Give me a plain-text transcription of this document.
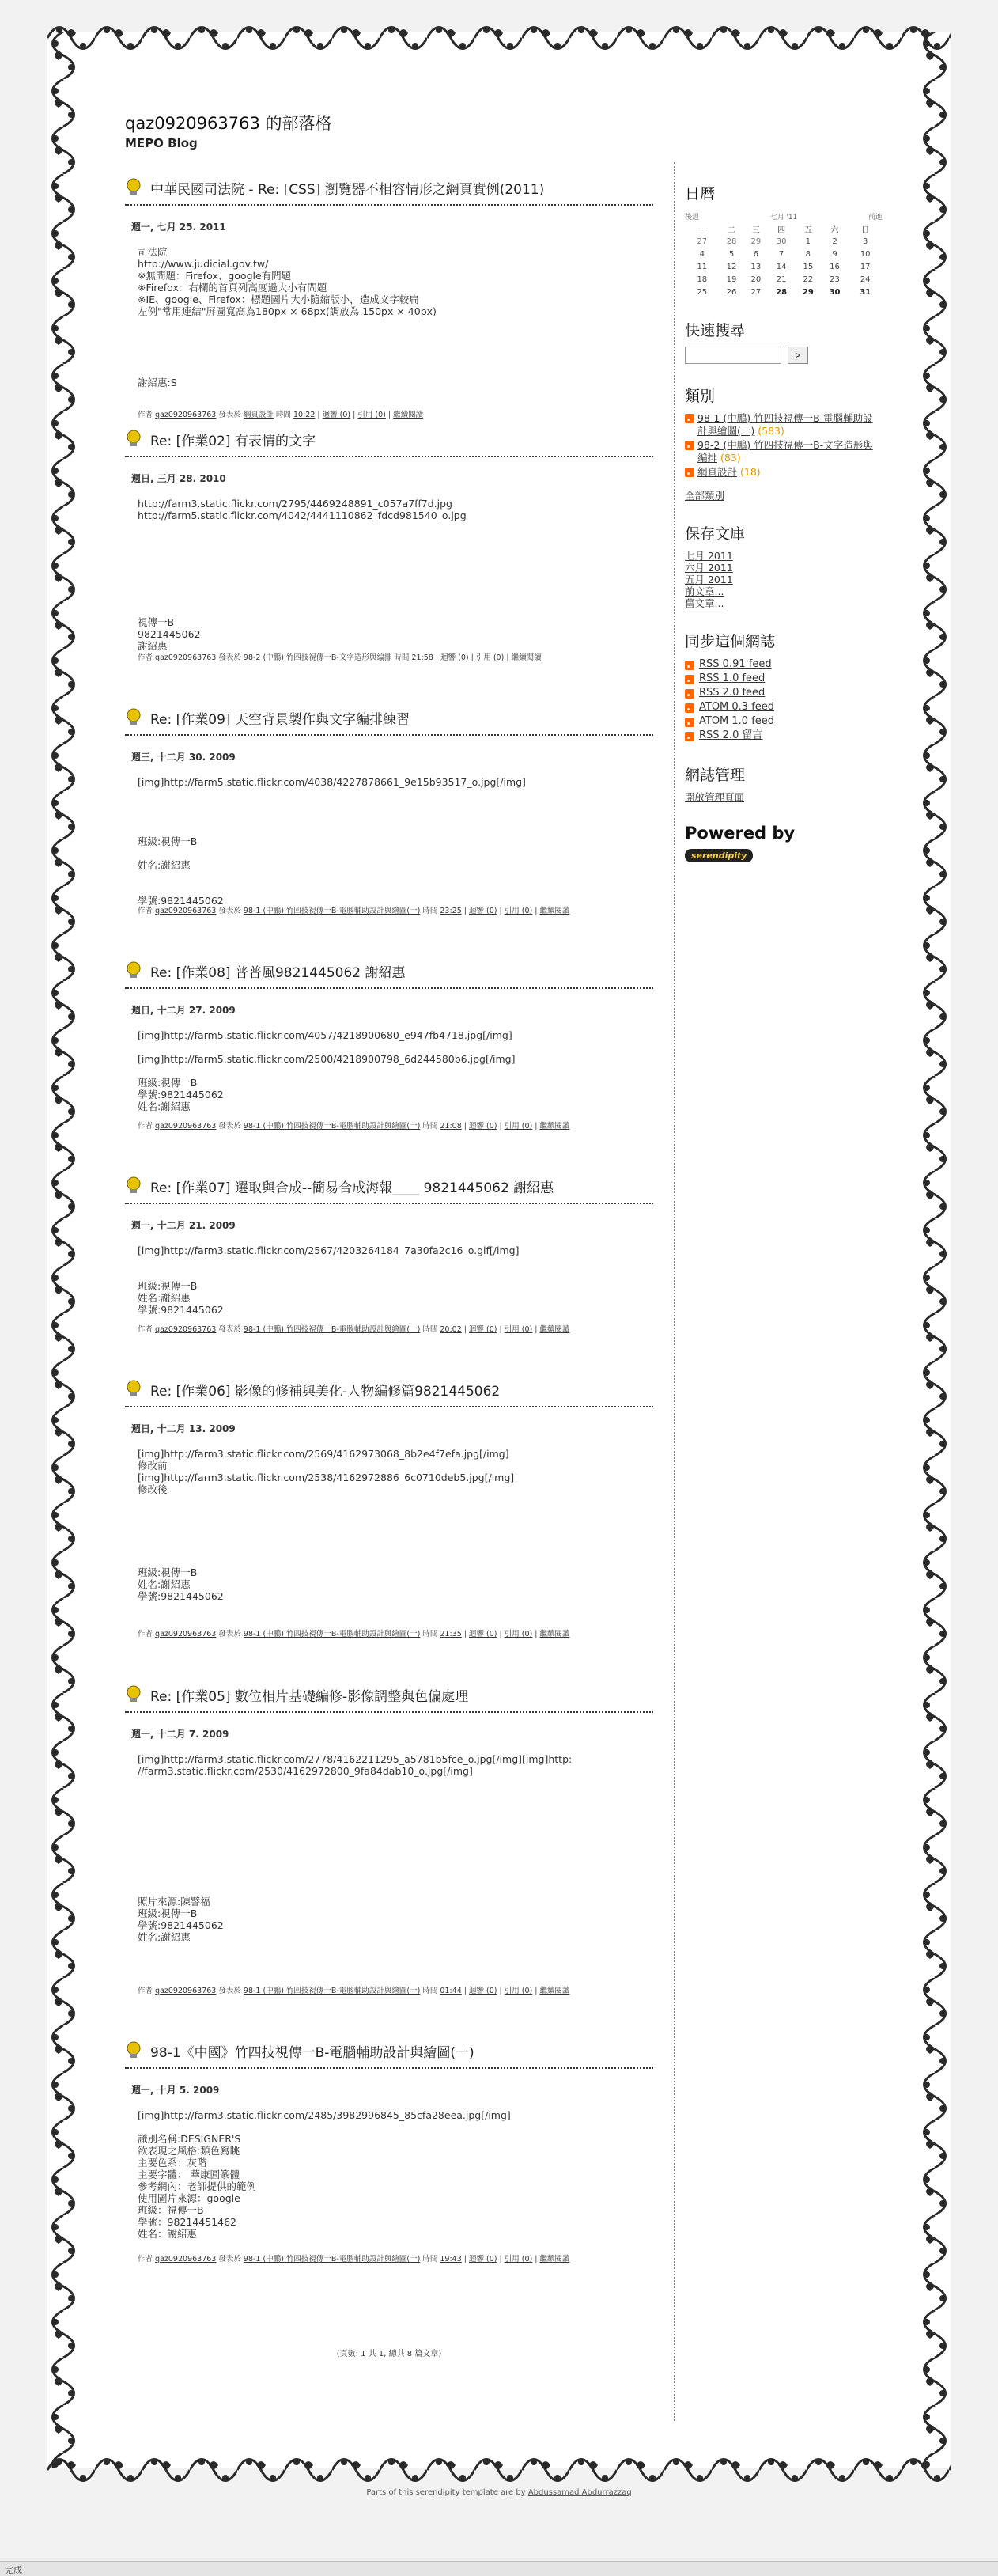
qaz0920963763 的部落格
MEPO Blog
中華民國司法院 - Re: [CSS] 瀏覽器不相容情形之網頁實例(2011)
週一, 七月 25. 2011
司法院
http://www.judicial.gov.tw/
※無問題：Firefox、google有問題
※Firefox：右欄的首頁列高度過大小有問題
※IE、google、Firefox：標題圖片大小隨縮版小，造成文字較扁
左例"常用連結"屏圖寬高為180px × 68px(調放為 150px × 40px)

謝紹惠:S
作者 qaz0920963763 發表於 網頁設計 時間 10:22 | 迴響 (0) | 引用 (0) | 繼續閱讀
Re: [作業02] 有表情的文字
週日, 三月 28. 2010
http://farm3.static.flickr.com/2795/4469248891_c057a7ff7d.jpg
http://farm5.static.flickr.com/4042/4441110862_fdcd981540_o.jpg

視傳一B
9821445062
謝紹惠
作者 qaz0920963763 發表於 98-2 (中鵬) 竹四技視傳一B-文字造形與編排 時間 21:58 | 迴響 (0) | 引用 (0) | 繼續閱讀
Re: [作業09] 天空背景製作與文字編排練習
週三, 十二月 30. 2009
[img]http://farm5.static.flickr.com/4038/4227878661_9e15b93517_o.jpg[/img]

班級:視傳一B

姓名:謝紹惠

學號:9821445062
作者 qaz0920963763 發表於 98-1 (中鵬) 竹四技視傳一B-電腦輔助設計與繪圖(一) 時間 23:25 | 迴響 (0) | 引用 (0) | 繼續閱讀
Re: [作業08] 普普風9821445062 謝紹惠
週日, 十二月 27. 2009
[img]http://farm5.static.flickr.com/4057/4218900680_e947fb4718.jpg[/img]

[img]http://farm5.static.flickr.com/2500/4218900798_6d244580b6.jpg[/img]

班級:視傳一B
學號:9821445062
姓名:謝紹惠
作者 qaz0920963763 發表於 98-1 (中鵬) 竹四技視傳一B-電腦輔助設計與繪圖(一) 時間 21:08 | 迴響 (0) | 引用 (0) | 繼續閱讀
Re: [作業07] 選取與合成--簡易合成海報____ 9821445062 謝紹惠
週一, 十二月 21. 2009
[img]http://farm3.static.flickr.com/2567/4203264184_7a30fa2c16_o.gif[/img]

班級:視傳一B
姓名:謝紹惠
學號:9821445062
作者 qaz0920963763 發表於 98-1 (中鵬) 竹四技視傳一B-電腦輔助設計與繪圖(一) 時間 20:02 | 迴響 (0) | 引用 (0) | 繼續閱讀
Re: [作業06] 影像的修補與美化-人物編修篇9821445062
週日, 十二月 13. 2009
[img]http://farm3.static.flickr.com/2569/4162973068_8b2e4f7efa.jpg[/img]
修改前
[img]http://farm3.static.flickr.com/2538/4162972886_6c0710deb5.jpg[/img]
修改後

班級:視傳一B
姓名:謝紹惠
學號:9821445062
作者 qaz0920963763 發表於 98-1 (中鵬) 竹四技視傳一B-電腦輔助設計與繪圖(一) 時間 21:35 | 迴響 (0) | 引用 (0) | 繼續閱讀
Re: [作業05] 數位相片基礎編修-影像調整與色偏處理
週一, 十二月 7. 2009
[img]http://farm3.static.flickr.com/2778/4162211295_a5781b5fce_o.jpg[/img][img]http:
//farm3.static.flickr.com/2530/4162972800_9fa84dab10_o.jpg[/img]

照片來源:陳譬福
班級:視傳一B
學號:9821445062
姓名:謝紹惠
作者 qaz0920963763 發表於 98-1 (中鵬) 竹四技視傳一B-電腦輔助設計與繪圖(一) 時間 01:44 | 迴響 (0) | 引用 (0) | 繼續閱讀
98-1《中國》竹四技視傳一B-電腦輔助設計與繪圖(一)
週一, 十月 5. 2009
[img]http://farm3.static.flickr.com/2485/3982996845_85cfa28eea.jpg[/img]

識別名稱:DESIGNER'S
欲表現之風格:類色寫眺
主要色系：灰階
主要字體： 華康圓篆體
參考網內：老師提供的範例
使用圖片來源：google
班級：視傳一B
學號：98214451462
姓名：謝紹惠
作者 qaz0920963763 發表於 98-1 (中鵬) 竹四技視傳一B-電腦輔助設計與繪圖(一) 時間 19:43 | 迴響 (0) | 引用 (0) | 繼續閱讀
(頁數: 1 共 1, 總共 8 篇文章)
日曆
後退	七月 '11					前進
一	二	三	四	五	六	日
27	28	29	30	1	2	3
4	5	6	7	8	9	10
11	12	13	14	15	16	17
18	19	20	21	22	23	24
25	26	27	28	29	30	31
快速搜尋
>
類別
98-1 (中鵬) 竹四技視傳一B-電腦輔助設計與繪圖(一) (583)
98-2 (中鵬) 竹四技視傳一B-文字造形與編排 (83)
網頁設計 (18)
全部類別
保存文庫
七月 2011
六月 2011
五月 2011
前文章...
舊文章...
同步這個網誌
RSS 0.91 feed
RSS 1.0 feed
RSS 2.0 feed
ATOM 0.3 feed
ATOM 1.0 feed
RSS 2.0 留言
網誌管理
開啟管理頁面
Powered by
serendipity
Parts of this serendipity template are by Abdussamad Abdurrazzaq
完成
